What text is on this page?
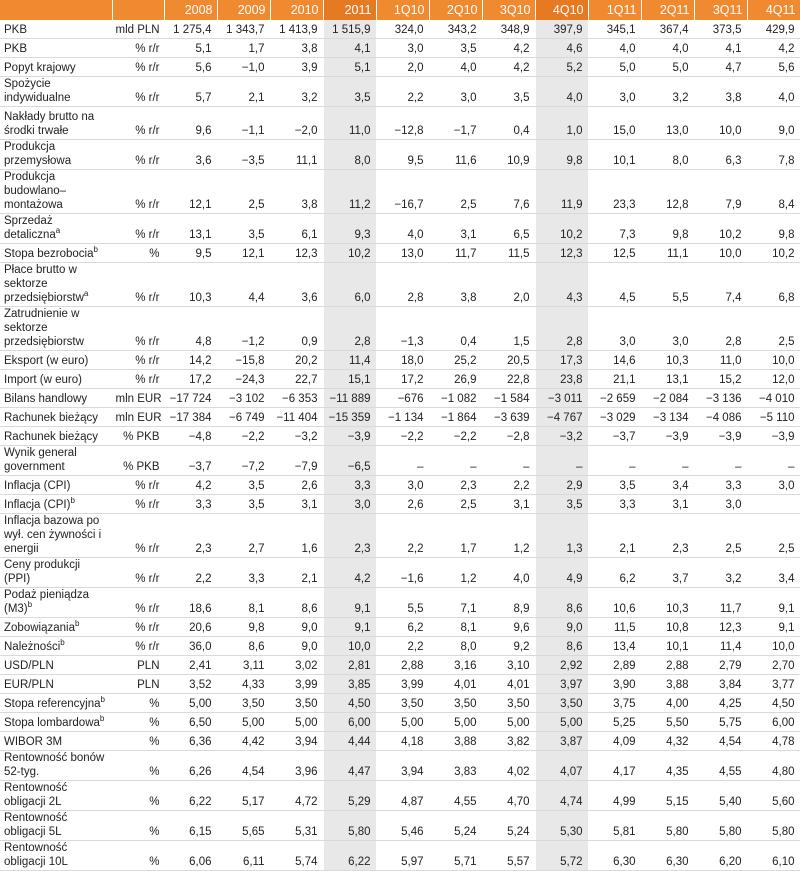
		2008	2009	2010	2011	1Q10	2Q10	3Q10	4Q10	1Q11	2Q11	3Q11	4Q11
PKB	mld PLN	1 275,4	1 343,7	1 413,9	1 515,9	324,0	343,2	348,9	397,9	345,1	367,4	373,5	429,9
PKB	% r/r	5,1	1,7	3,8	4,1	3,0	3,5	4,2	4,6	4,0	4,0	4,1	4,2
Popyt krajowy	% r/r	5,6	−1,0	3,9	5,1	2,0	4,0	4,2	5,2	5,0	5,0	4,7	5,6
Spożycie indywidualne	% r/r	5,7	2,1	3,2	3,5	2,2	3,0	3,5	4,0	3,0	3,2	3,8	4,0
Nakłady brutto na środki trwałe	% r/r	9,6	−1,1	−2,0	11,0	−12,8	−1,7	0,4	1,0	15,0	13,0	10,0	9,0
Produkcja przemysłowa	% r/r	3,6	−3,5	11,1	8,0	9,5	11,6	10,9	9,8	10,1	8,0	6,3	7,8
Produkcja budowlano–montażowa	% r/r	12,1	2,5	3,8	11,2	−16,7	2,5	7,6	11,9	23,3	12,8	7,9	8,4
Sprzedaż detaliczna$^a$	% r/r	13,1	3,5	6,1	9,3	4,0	3,1	6,5	10,2	7,3	9,8	10,2	9,8
Stopa bezrobocia$^b$	%	9,5	12,1	12,3	10,2	13,0	11,7	11,5	12,3	12,5	11,1	10,0	10,2
Płace brutto w sektorze przedsiębiorstw$^a$	% r/r	10,3	4,4	3,6	6,0	2,8	3,8	2,0	4,3	4,5	5,5	7,4	6,8
Zatrudnienie w sektorze przedsiębiorstw	% r/r	4,8	−1,2	0,9	2,8	−1,3	0,4	1,5	2,8	3,0	3,0	2,8	2,5
Eksport (w euro)	% r/r	14,2	−15,8	20,2	11,4	18,0	25,2	20,5	17,3	14,6	10,3	11,0	10,0
Import (w euro)	% r/r	17,2	−24,3	22,7	15,1	17,2	26,9	22,8	23,8	21,1	13,1	15,2	12,0
Bilans handlowy	mln EUR	−17 724	−3 102	−6 353	−11 889	−676	−1 082	−1 584	−3 011	−2 659	−2 084	−3 136	−4 010
Rachunek bieżący	mln EUR	−17 384	−6 749	−11 404	−15 359	−1 134	−1 864	−3 639	−4 767	−3 029	−3 134	−4 086	−5 110
Rachunek bieżący	% PKB	−4,8	−2,2	−3,2	−3,9	−2,2	−2,2	−2,8	−3,2	−3,7	−3,9	−3,9	−3,9
Wynik general government	% PKB	−3,7	−7,2	−7,9	−6,5	–	–	–	–	–	–	–	–
Inflacja (CPI)	% r/r	4,2	3,5	2,6	3,3	3,0	2,3	2,2	2,9	3,5	3,4	3,3	3,0
Inflacja (CPI)$^b$	% r/r	3,3	3,5	3,1	3,0	2,6	2,5	3,1	3,5	3,3	3,1	3,0	
Inflacja bazowa po wył. cen żywności i energii	% r/r	2,3	2,7	1,6	2,3	2,2	1,7	1,2	1,3	2,1	2,3	2,5	2,5
Ceny produkcji (PPI)	% r/r	2,2	3,3	2,1	4,2	−1,6	1,2	4,0	4,9	6,2	3,7	3,2	3,4
Podaż pieniądza $(M3)^b$	% r/r	18,6	8,1	8,6	9,1	5,5	7,1	8,9	8,6	10,6	10,3	11,7	9,1
Zobowiązania$^b$	% r/r	20,6	9,8	9,0	9,1	6,2	8,1	9,6	9,0	11,5	10,8	12,3	9,1
Należności$^b$	% r/r	36,0	8,6	9,0	10,0	2,2	8,0	9,2	8,6	13,4	10,1	11,4	10,0
USD/PLN	PLN	2,41	3,11	3,02	2,81	2,88	3,16	3,10	2,92	2,89	2,88	2,79	2,70
EUR/PLN	PLN	3,52	4,33	3,99	3,85	3,99	4,01	4,01	3,97	3,90	3,88	3,84	3,77
Stopa referencyjna$^b$	%	5,00	3,50	3,50	4,50	3,50	3,50	3,50	3,50	3,75	4,00	4,25	4,50
Stopa lombardowa$^b$	%	6,50	5,00	5,00	6,00	5,00	5,00	5,00	5,00	5,25	5,50	5,75	6,00
WIBOR 3M	%	6,36	4,42	3,94	4,44	4,18	3,88	3,82	3,87	4,09	4,32	4,54	4,78
Rentowność bonów 52-tyg.	%	6,26	4,54	3,96	4,47	3,94	3,83	4,02	4,07	4,17	4,35	4,55	4,80
Rentowność obligacji 2L	%	6,22	5,17	4,72	5,29	4,87	4,55	4,70	4,74	4,99	5,15	5,40	5,60
Rentowność obligacji 5L	%	6,15	5,65	5,31	5,80	5,46	5,24	5,24	5,30	5,81	5,80	5,80	5,80
Rentowność obligacji 10L	%	6,06	6,11	5,74	6,22	5,97	5,71	5,57	5,72	6,30	6,30	6,20	6,10
